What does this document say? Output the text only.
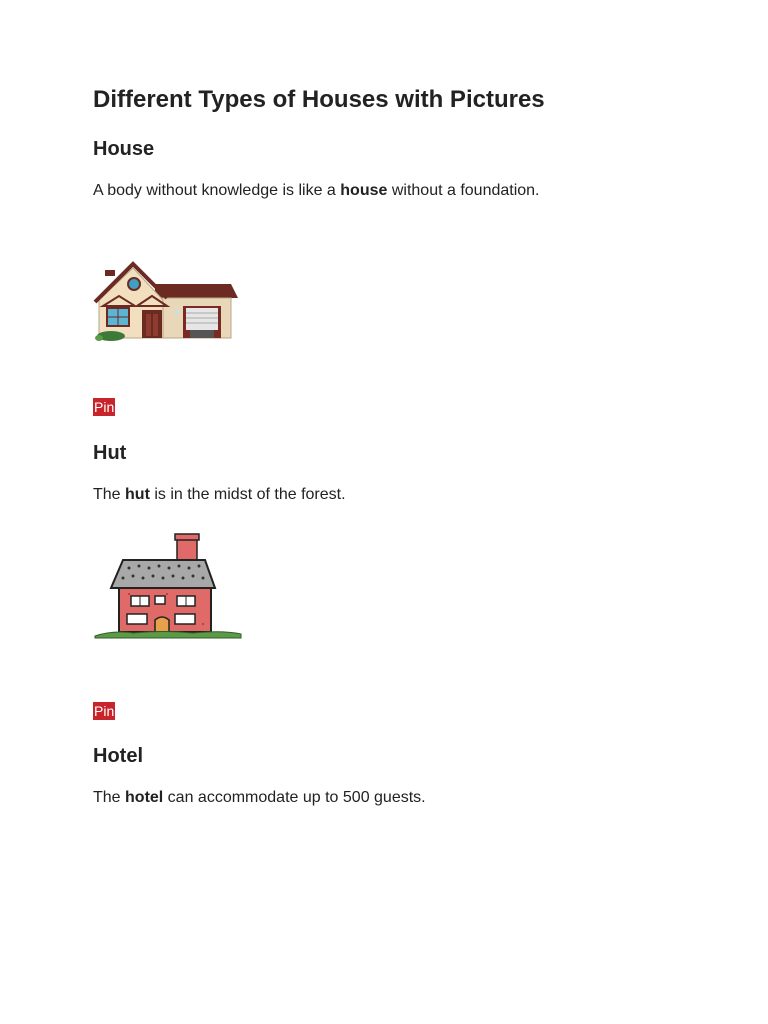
Different Types of Houses with Pictures
House

A body without knowledge is like a house without a foundation.

Pin
Hut

The hut is in the midst of the forest.

Pin
Hotel

The hotel can accommodate up to 500 guests.
